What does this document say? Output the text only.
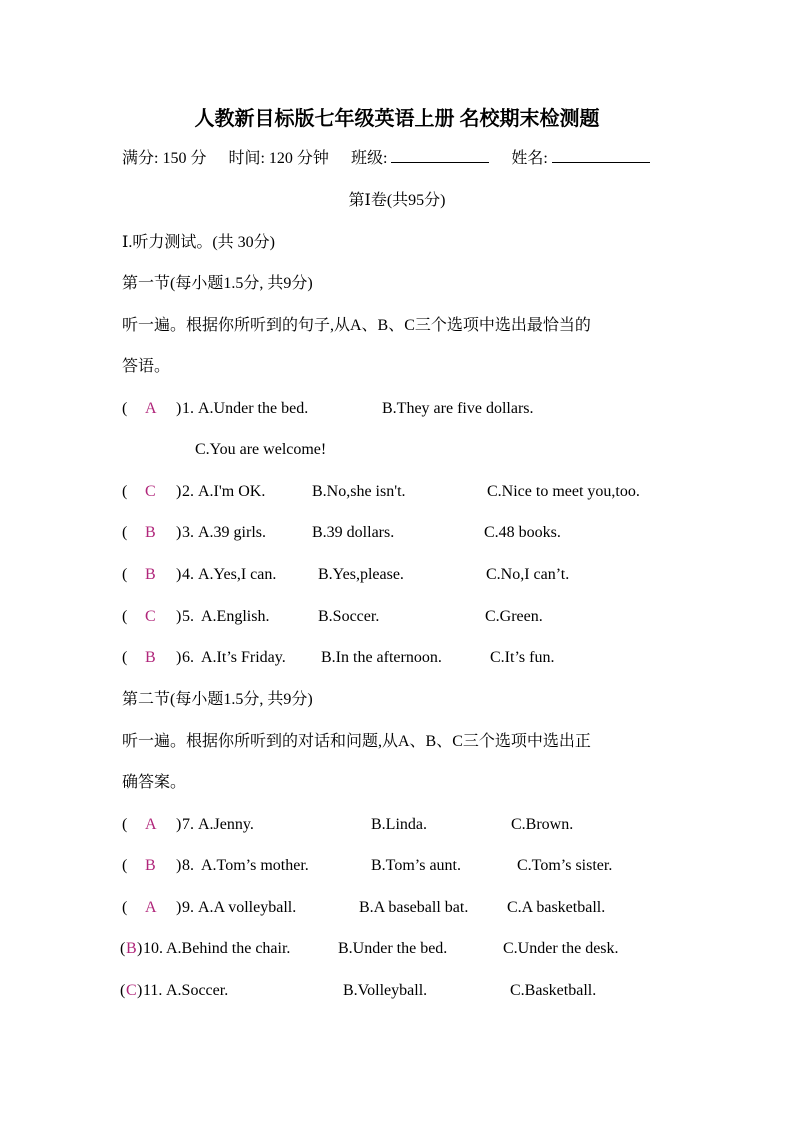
人教新目标版七年级英语上册 名校期末检测题
满分: 150 分 时间: 120 分钟 班级:	姓名:
第Ⅰ卷(共95分)
Ⅰ.听力测试。(共 30分)
第一节(每小题1.5分, 共9分)
听一遍。根据你所听到的句子,从A、B、C三个选项中选出最恰当的
答语。
( A ) 1. A.Under the bed.	B.They are five dollars.
C.You are welcome!
( C ) 2. A.I'm OK.	B.No,she isn't.	C.Nice to meet you,too.
( B ) 3. A.39 girls.	B.39 dollars.	C.48 books.
( B ) 4. A.Yes,I can.	B.Yes,please.	C.No,I can’t.
( C ) 5. A.English.	B.Soccer.	C.Green.
( B ) 6. A.It’s Friday. B.In the afternoon.	C.It’s fun.
第二节(每小题1.5分, 共9分)
听一遍。根据你所听到的对话和问题,从A、B、C三个选项中选出正
确答案。
( A ) 7. A.Jenny.	B.Linda.	C.Brown.
( B ) 8. A.Tom’s mother.	B.Tom’s aunt.	C.Tom’s sister.
( A ) 9. A.A volleyball.	B.A baseball bat. C.A basketball.
( B ) 10. A.Behind the chair.	B.Under the bed.	C.Under the desk.
( C ) 11. A.Soccer.	B.Volleyball.	C.Basketball.
